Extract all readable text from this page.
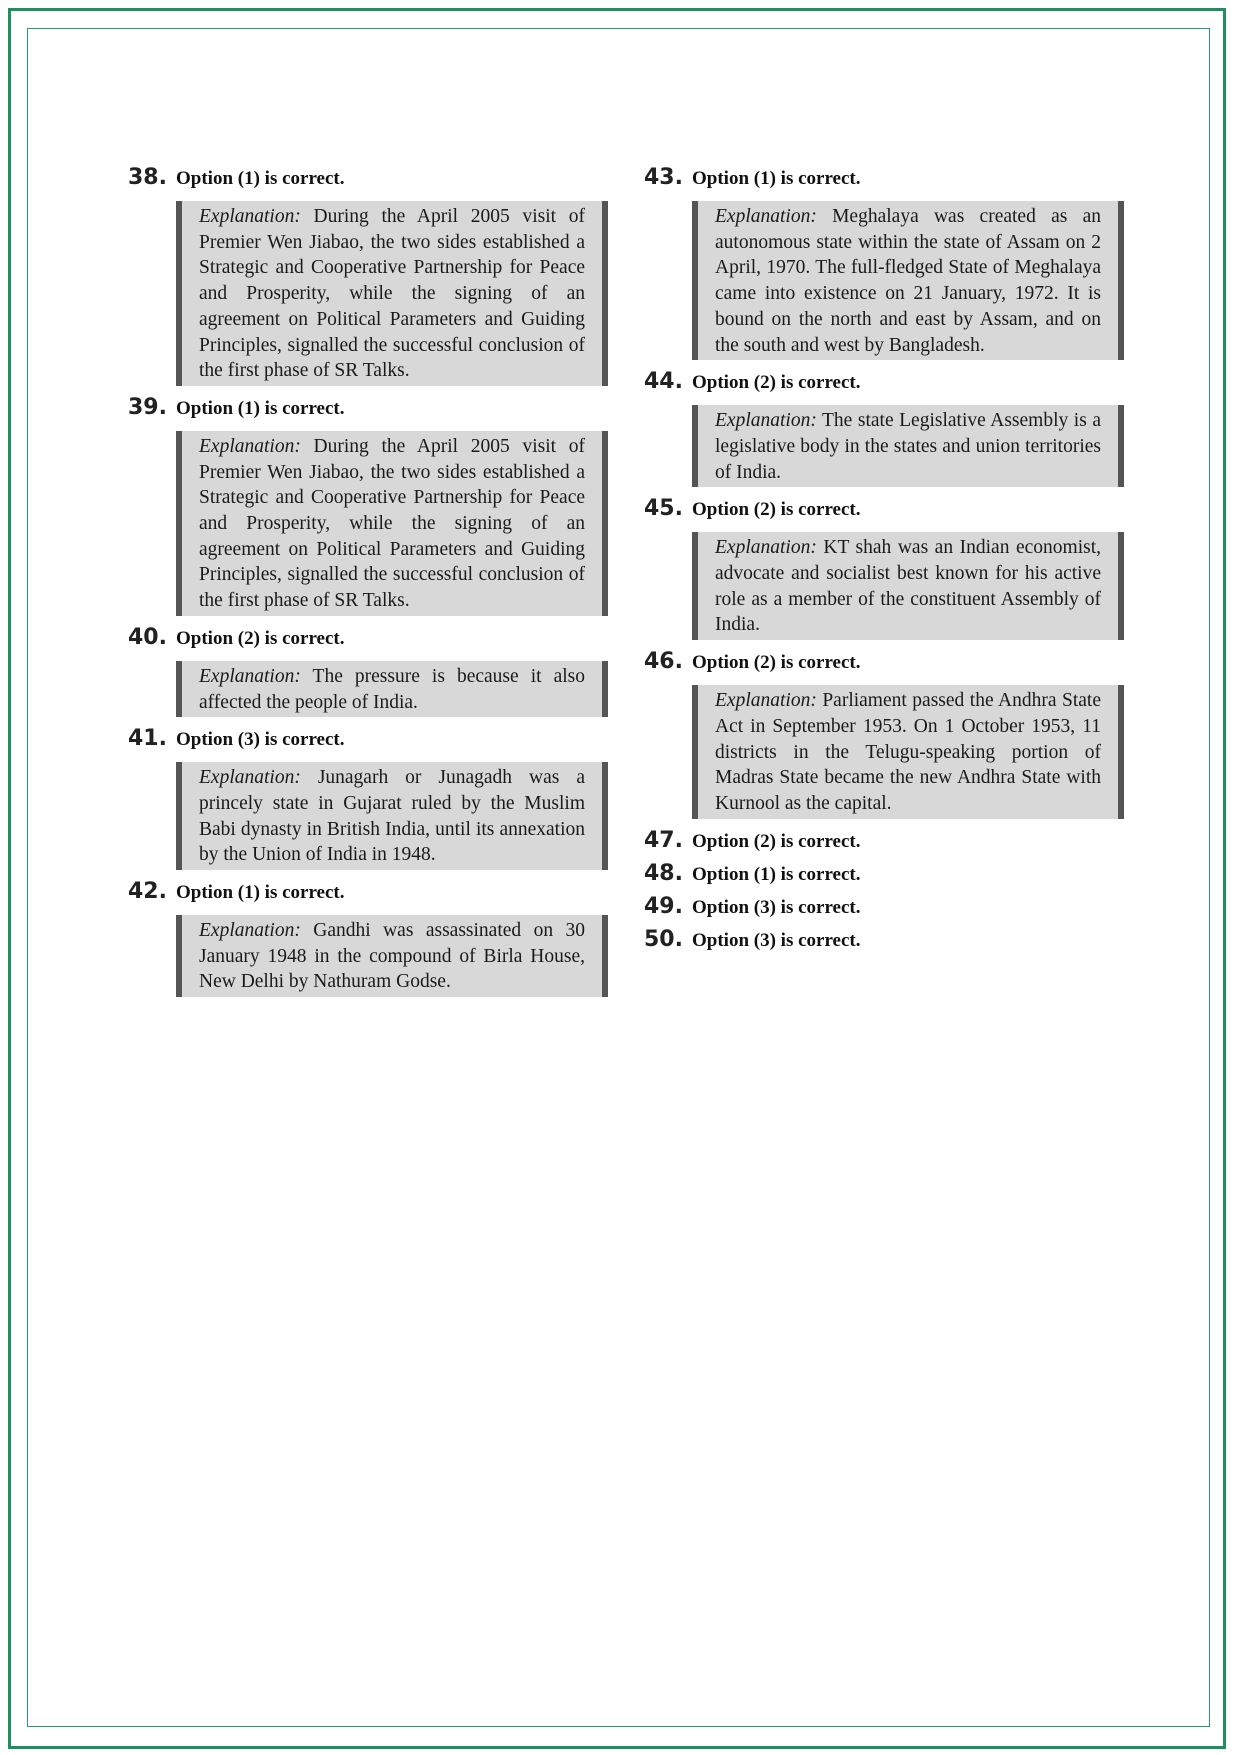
38. Option (1) is correct.
Explanation: During the April 2005 visit of Premier Wen Jiabao, the two sides established a Strategic and Cooperative Partnership for Peace and Prosperity, while the signing of an agreement on Political Parameters and Guiding Principles, signalled the successful conclusion of the first phase of SR Talks.
39. Option (1) is correct.
Explanation: During the April 2005 visit of Premier Wen Jiabao, the two sides established a Strategic and Cooperative Partnership for Peace and Prosperity, while the signing of an agreement on Political Parameters and Guiding Principles, signalled the successful conclusion of the first phase of SR Talks.
40. Option (2) is correct.
Explanation: The pressure is because it also affected the people of India.
41. Option (3) is correct.
Explanation: Junagarh or Junagadh was a princely state in Gujarat ruled by the Muslim Babi dynasty in British India, until its annexation by the Union of India in 1948.
42. Option (1) is correct.
Explanation: Gandhi was assassinated on 30 January 1948 in the compound of Birla House, New Delhi by Nathuram Godse.
43. Option (1) is correct.
Explanation: Meghalaya was created as an autonomous state within the state of Assam on 2 April, 1970. The full-fledged State of Meghalaya came into existence on 21 January, 1972. It is bound on the north and east by Assam, and on the south and west by Bangladesh.
44. Option (2) is correct.
Explanation: The state Legislative Assembly is a legislative body in the states and union territories of India.
45. Option (2) is correct.
Explanation: KT shah was an Indian economist, advocate and socialist best known for his active role as a member of the constituent Assembly of India.
46. Option (2) is correct.
Explanation: Parliament passed the Andhra State Act in September 1953. On 1 October 1953, 11 districts in the Telugu-speaking portion of Madras State became the new Andhra State with Kurnool as the capital.
47. Option (2) is correct.
48. Option (1) is correct.
49. Option (3) is correct.
50. Option (3) is correct.
